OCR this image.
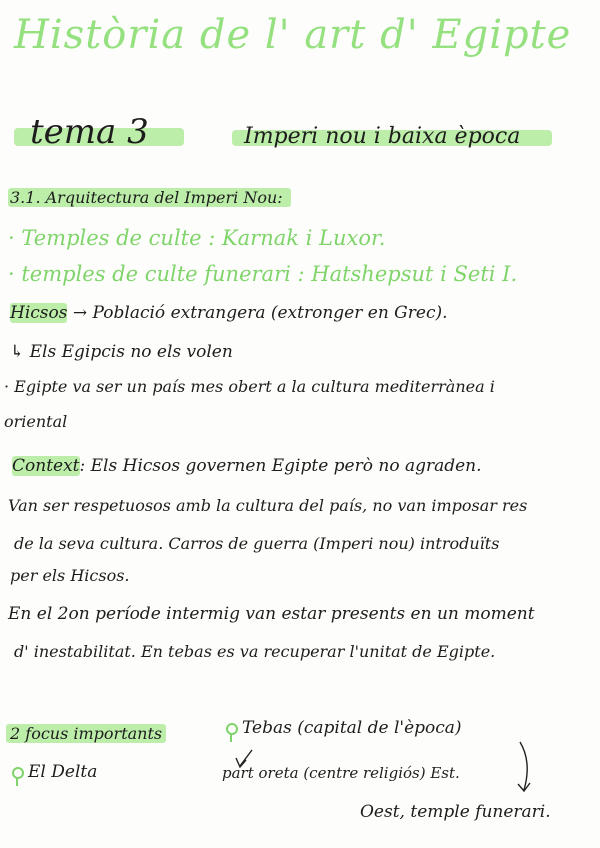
Història de l' art d' Egipte
tema 3	Imperi nou i baixa època
3.1. Arquitectura del Imperi Nou:
· Temples de culte : Karnak i Luxor.
· temples de culte funerari : Hatshepsut i Seti I.
Hicsos → Població extrangera (extronger en Grec).
↳ Els Egipcis no els volen
· Egipte va ser un país mes obert a la cultura mediterrànea i
oriental
Context: Els Hicsos governen Egipte però no agraden.
Van ser respetuosos amb la cultura del país, no van imposar res
de la seva cultura. Carros de guerra (Imperi nou) introduïts
per els Hicsos.
En el 2on període intermig van estar presents en un moment
d' inestabilitat. En tebas es va recuperar l'unitat de Egipte.
2 focus importants
El Delta
Tebas (capital de l'època)
part oreta (centre religiós) Est.
Oest, temple funerari.
